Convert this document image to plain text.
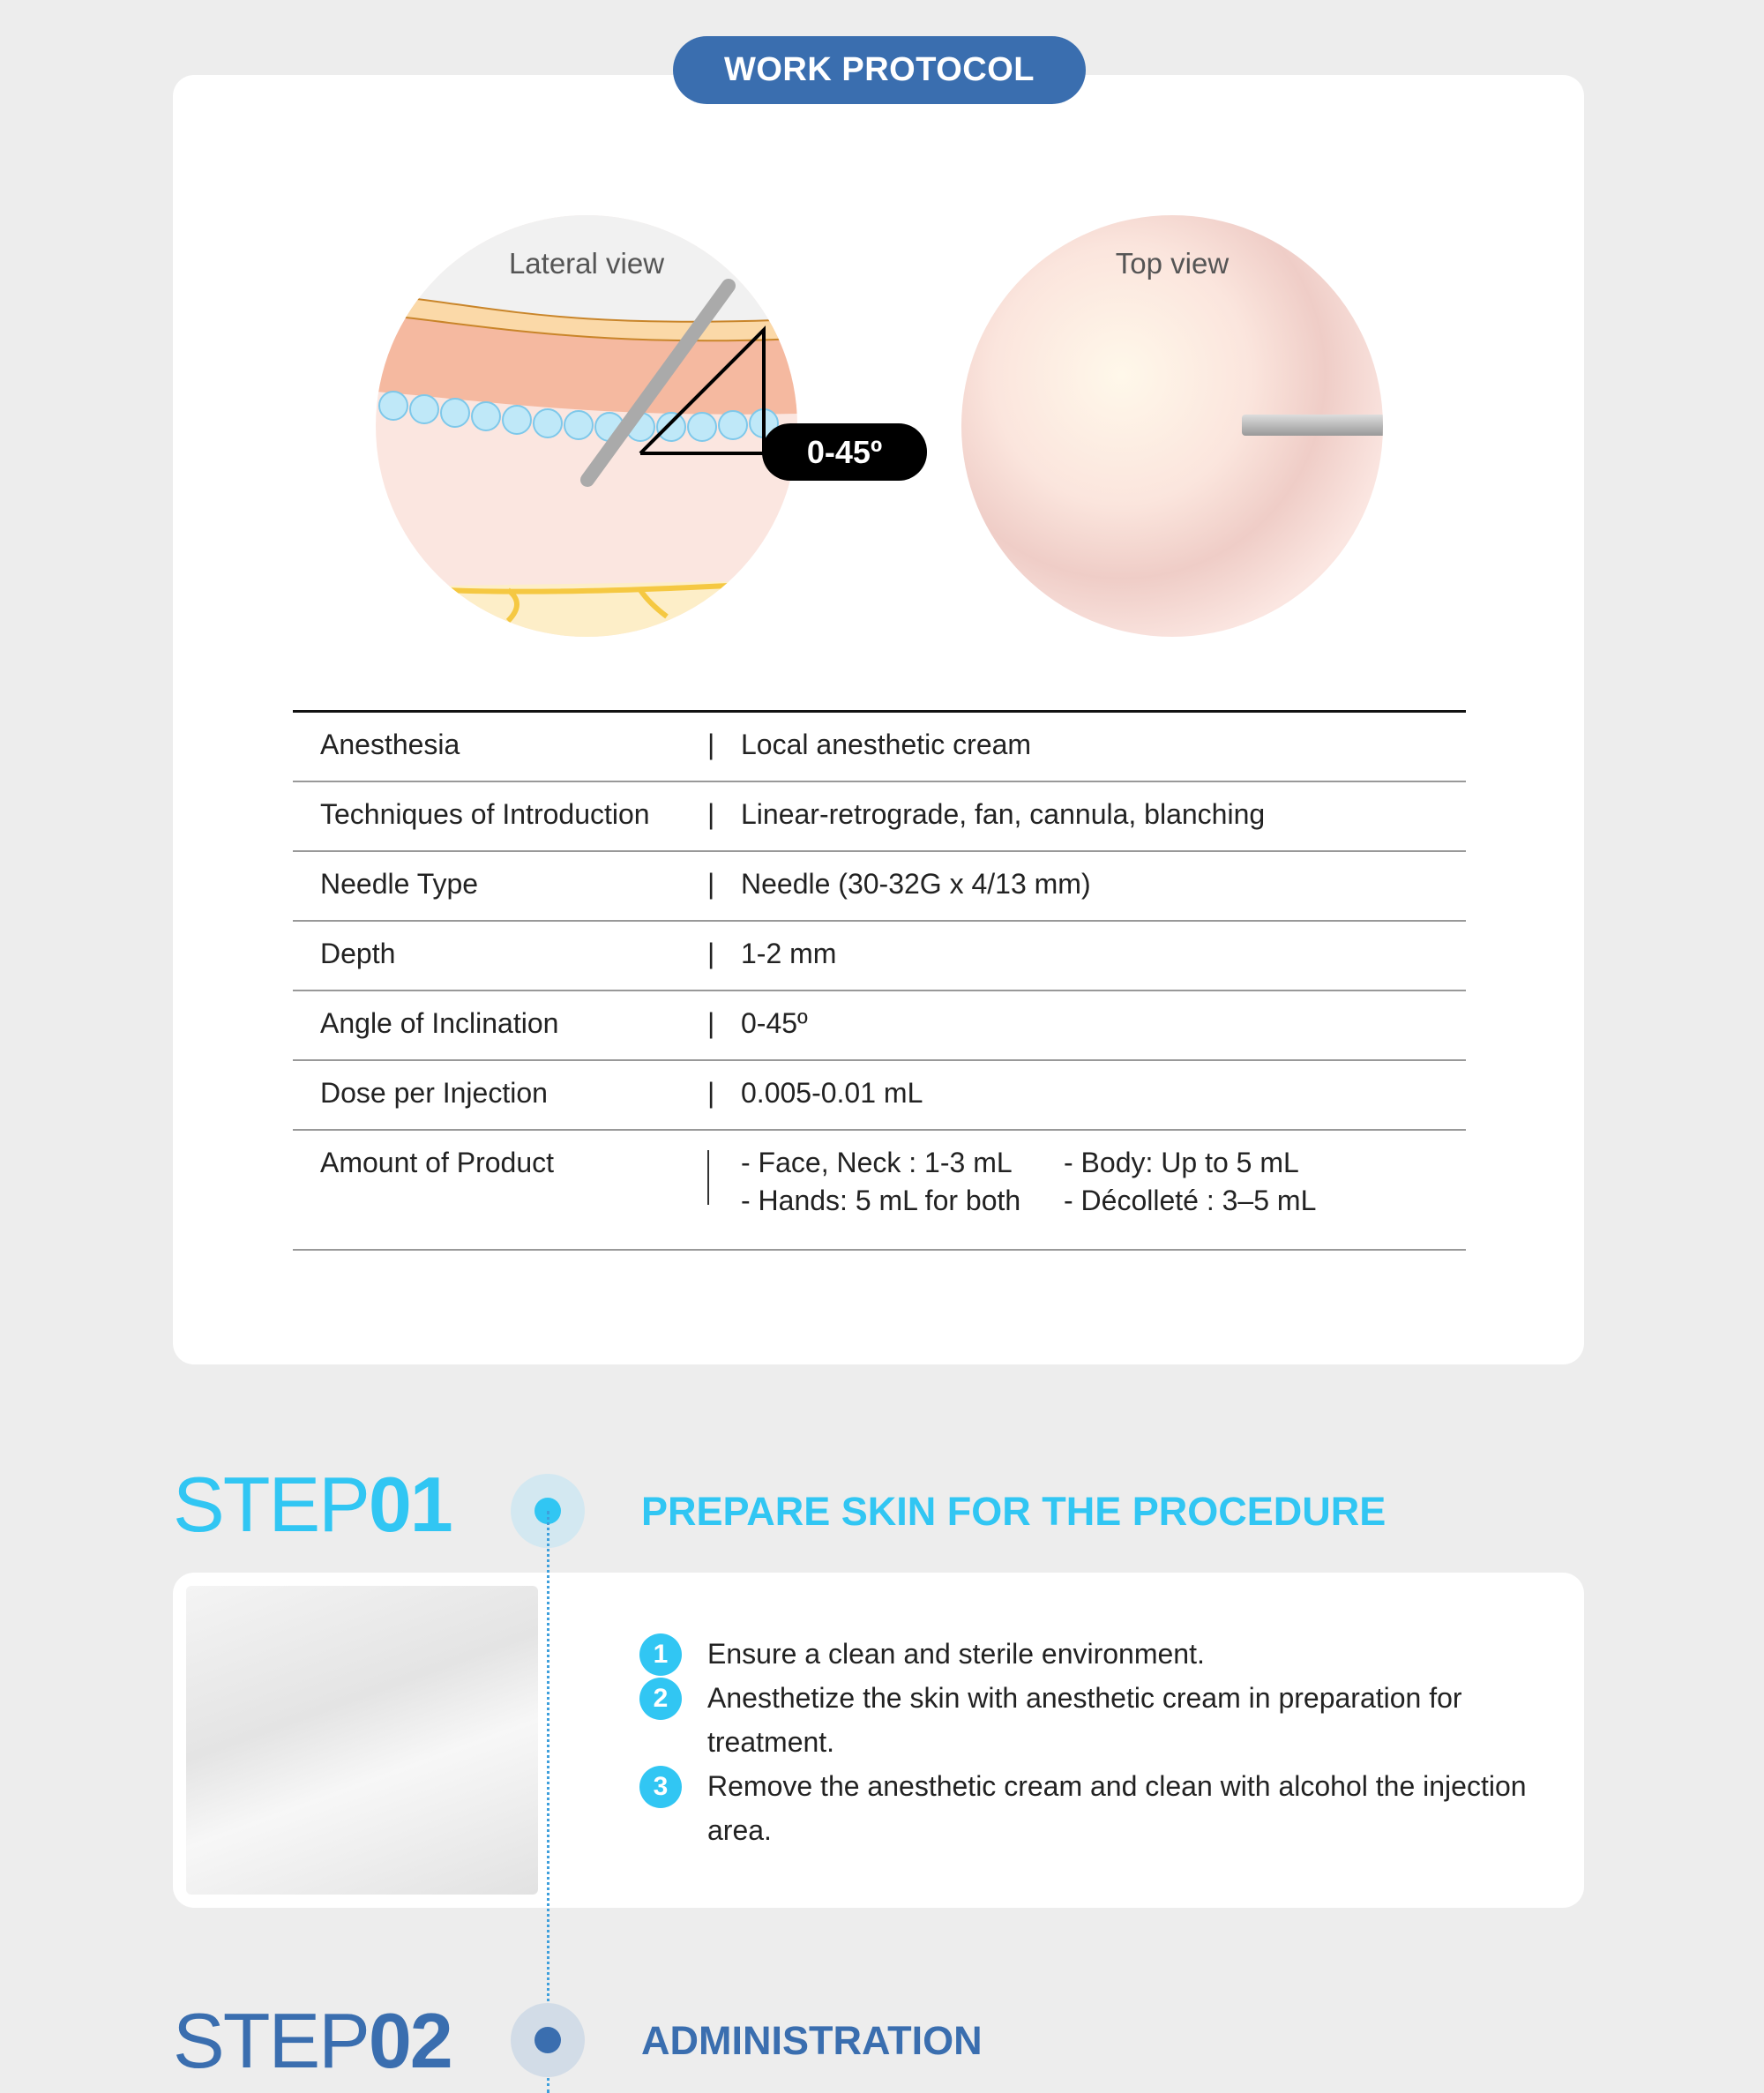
WORK PROTOCOL
Lateral view
0-45º
Top view
Anesthesia	|	Local anesthetic cream
Techniques of Introduction	|	Linear-retrograde, fan, cannula, blanching
Needle Type	|	Needle (30-32G x 4/13 mm)
Depth	|	1-2 mm
Angle of Inclination	|	0-45º
Dose per Injection	|	0.005-0.01 mL
Amount of Product		- Face, Neck : 1-3 mL - Body: Up to 5 mL
- Hands: 5 mL for both - Décolleté : 3–5 mL
STEP01	PREPARE SKIN FOR THE PROCEDURE
1	Ensure a clean and sterile environment.
2	Anesthetize the skin with anesthetic cream in preparation for treatment.
3	Remove the anesthetic cream and clean with alcohol the injection area.
STEP02	ADMINISTRATION
